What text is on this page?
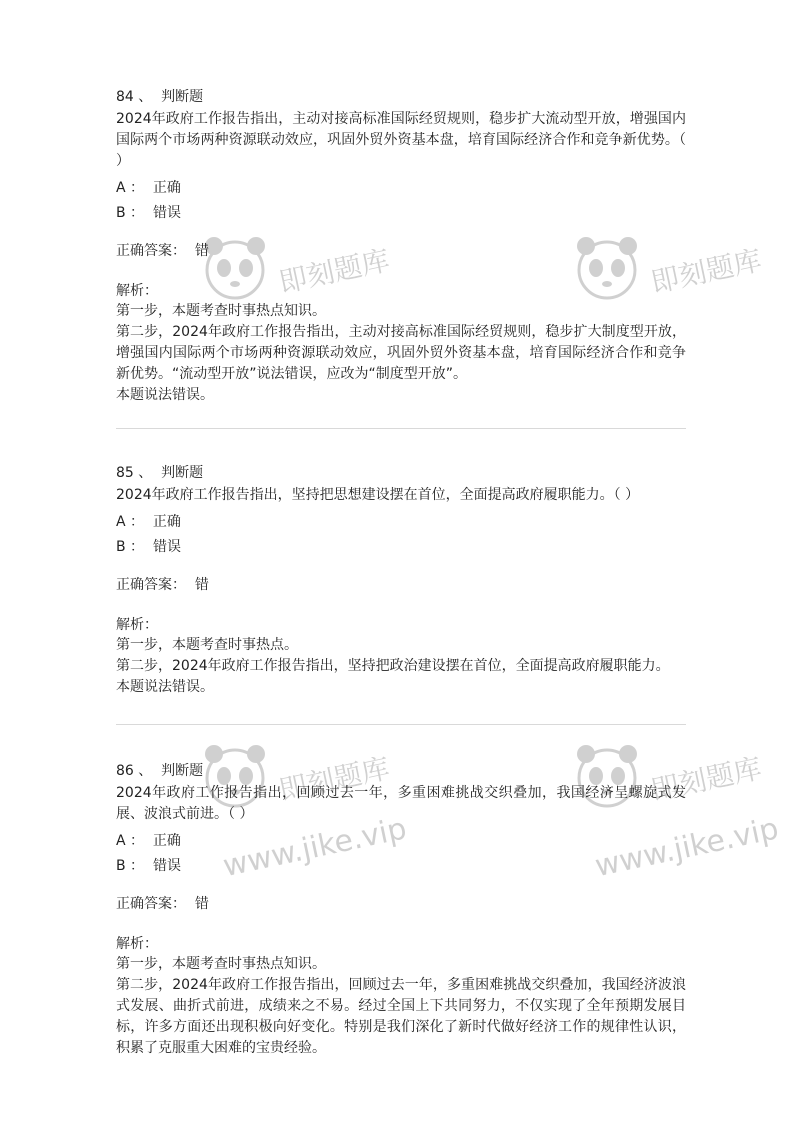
84 、  判断题
2024年政府工作报告指出，主动对接高标准国际经贸规则，稳步扩大流动型开放，增强国内国际两个市场两种资源联动效应，巩固外贸外资基本盘，培育国际经济合作和竞争新优势。（ ）
A ：  正确
B ：  错误
正确答案：  错
解析：
第一步，本题考查时事热点知识。
第二步，2024年政府工作报告指出，主动对接高标准国际经贸规则，稳步扩大制度型开放，增强国内国际两个市场两种资源联动效应，巩固外贸外资基本盘，培育国际经济合作和竞争新优势。“流动型开放”说法错误，应改为“制度型开放”。
本题说法错误。
85 、  判断题
2024年政府工作报告指出，坚持把思想建设摆在首位，全面提高政府履职能力。（ ）
A ：  正确
B ：  错误
正确答案：  错
解析：
第一步，本题考查时事热点。
第二步，2024年政府工作报告指出，坚持把政治建设摆在首位，全面提高政府履职能力。
本题说法错误。
86 、  判断题
2024年政府工作报告指出，回顾过去一年，多重困难挑战交织叠加，我国经济呈螺旋式发展、波浪式前进。（ ）
A ：  正确
B ：  错误
正确答案：  错
解析：
第一步，本题考查时事热点知识。
第二步，2024年政府工作报告指出，回顾过去一年，多重困难挑战交织叠加，我国经济波浪式发展、曲折式前进，成绩来之不易。经过全国上下共同努力，不仅实现了全年预期发展目标，许多方面还出现积极向好变化。特别是我们深化了新时代做好经济工作的规律性认识，积累了克服重大困难的宝贵经验。
即刻题库	即刻题库
即刻题库
www.jike.vip
即刻题库
www.jike.vip
